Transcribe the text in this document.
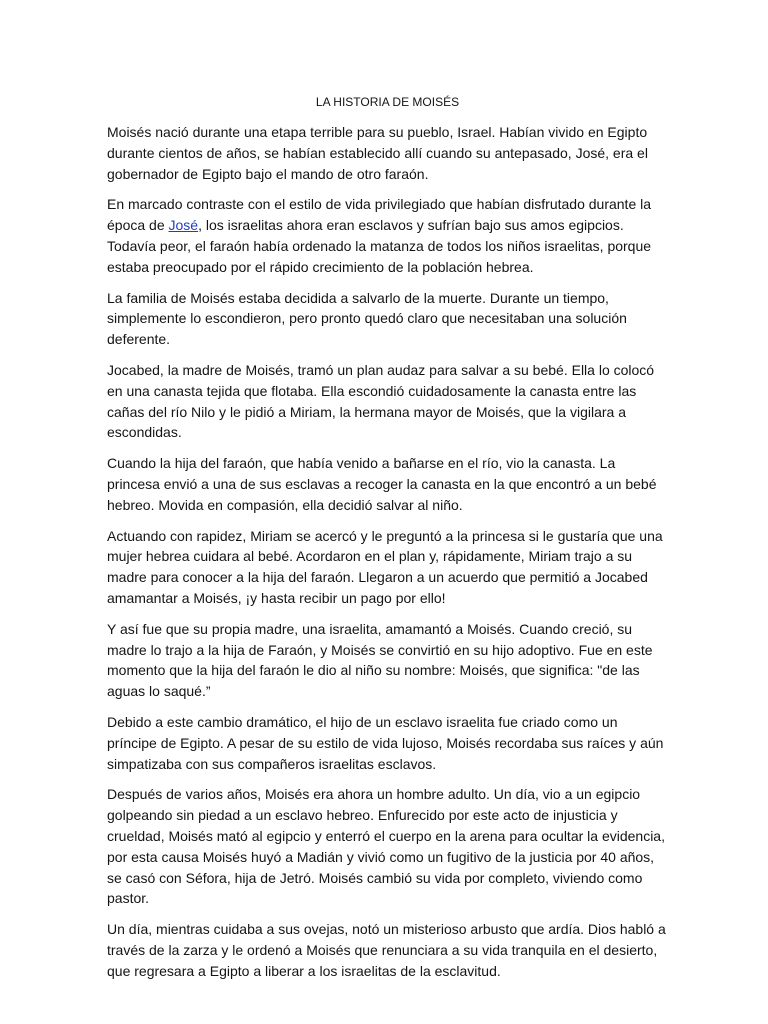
LA HISTORIA DE MOISÉS

Moisés nació durante una etapa terrible para su pueblo, Israel. Habían vivido en Egipto durante cientos de años, se habían establecido allí cuando su antepasado, José, era el gobernador de Egipto bajo el mando de otro faraón.

En marcado contraste con el estilo de vida privilegiado que habían disfrutado durante la época de José, los israelitas ahora eran esclavos y sufrían bajo sus amos egipcios. Todavía peor, el faraón había ordenado la matanza de todos los niños israelitas, porque estaba preocupado por el rápido crecimiento de la población hebrea.

La familia de Moisés estaba decidida a salvarlo de la muerte. Durante un tiempo, simplemente lo escondieron, pero pronto quedó claro que necesitaban una solución deferente.

Jocabed, la madre de Moisés, tramó un plan audaz para salvar a su bebé. Ella lo colocó en una canasta tejida que flotaba. Ella escondió cuidadosamente la canasta entre las cañas del río Nilo y le pidió a Miriam, la hermana mayor de Moisés, que la vigilara a escondidas.

Cuando la hija del faraón, que había venido a bañarse en el río, vio la canasta. La princesa envió a una de sus esclavas a recoger la canasta en la que encontró a un bebé hebreo. Movida en compasión, ella decidió salvar al niño.

Actuando con rapidez, Miriam se acercó y le preguntó a la princesa si le gustaría que una mujer hebrea cuidara al bebé. Acordaron en el plan y, rápidamente, Miriam trajo a su madre para conocer a la hija del faraón. Llegaron a un acuerdo que permitió a Jocabed amamantar a Moisés, ¡y hasta recibir un pago por ello!

Y así fue que su propia madre, una israelita, amamantó a Moisés. Cuando creció, su madre lo trajo a la hija de Faraón, y Moisés se convirtió en su hijo adoptivo. Fue en este momento que la hija del faraón le dio al niño su nombre: Moisés, que significa: "de las aguas lo saqué.”

Debido a este cambio dramático, el hijo de un esclavo israelita fue criado como un príncipe de Egipto. A pesar de su estilo de vida lujoso, Moisés recordaba sus raíces y aún simpatizaba con sus compañeros israelitas esclavos.

Después de varios años, Moisés era ahora un hombre adulto. Un día, vio a un egipcio golpeando sin piedad a un esclavo hebreo. Enfurecido por este acto de injusticia y crueldad, Moisés mató al egipcio y enterró el cuerpo en la arena para ocultar la evidencia, por esta causa Moisés huyó a Madián y vivió como un fugitivo de la justicia por 40 años, se casó con Séfora, hija de Jetró. Moisés cambió su vida por completo, viviendo como pastor.

Un día, mientras cuidaba a sus ovejas, notó un misterioso arbusto que ardía. Dios habló a través de la zarza y le ordenó a Moisés que renunciara a su vida tranquila en el desierto, que regresara a Egipto a liberar a los israelitas de la esclavitud.
